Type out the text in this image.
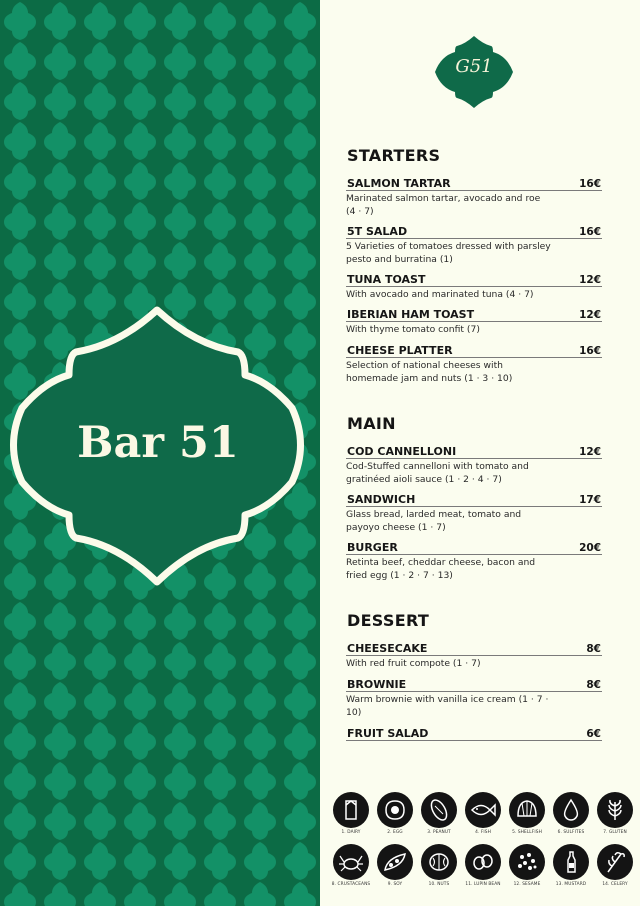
Bar 51
G51
STARTERS
SALMON TARTAR	16€
Marinated salmon tartar, avocado and roe (4 · 7)
5T SALAD	16€
5 Varieties of tomatoes dressed with parsley pesto and burratina (1)
TUNA TOAST	12€
With avocado and marinated tuna (4 · 7)
IBERIAN HAM TOAST	12€
With thyme tomato confit (7)
CHEESE PLATTER	16€
Selection of national cheeses with homemade jam and nuts (1 · 3 · 10)
MAIN
COD CANNELLONI	12€
Cod-Stuffed cannelloni with tomato and gratinéed aioli sauce (1 · 2 · 4 · 7)
SANDWICH	17€
Glass bread, larded meat, tomato and payoyo cheese (1 · 7)
BURGER	20€
Retinta beef, cheddar cheese, bacon and fried egg (1 · 2 · 7 · 13)
DESSERT
CHEESECAKE	8€
With red fruit compote (1 · 7)
BROWNIE	8€
Warm brownie with vanilla ice cream (1 · 7 · 10)
FRUIT SALAD	6€
1. DAIRY	2. EGG	3. PEANUT	4. FISH	5. SHELLFISH	6. SULFITES	7. GLUTEN
8. CRUSTACEANS	9. SOY	10. NUTS	11. LUPIN BEAN	12. SESAME	13. MUSTARD	14. CELERY
